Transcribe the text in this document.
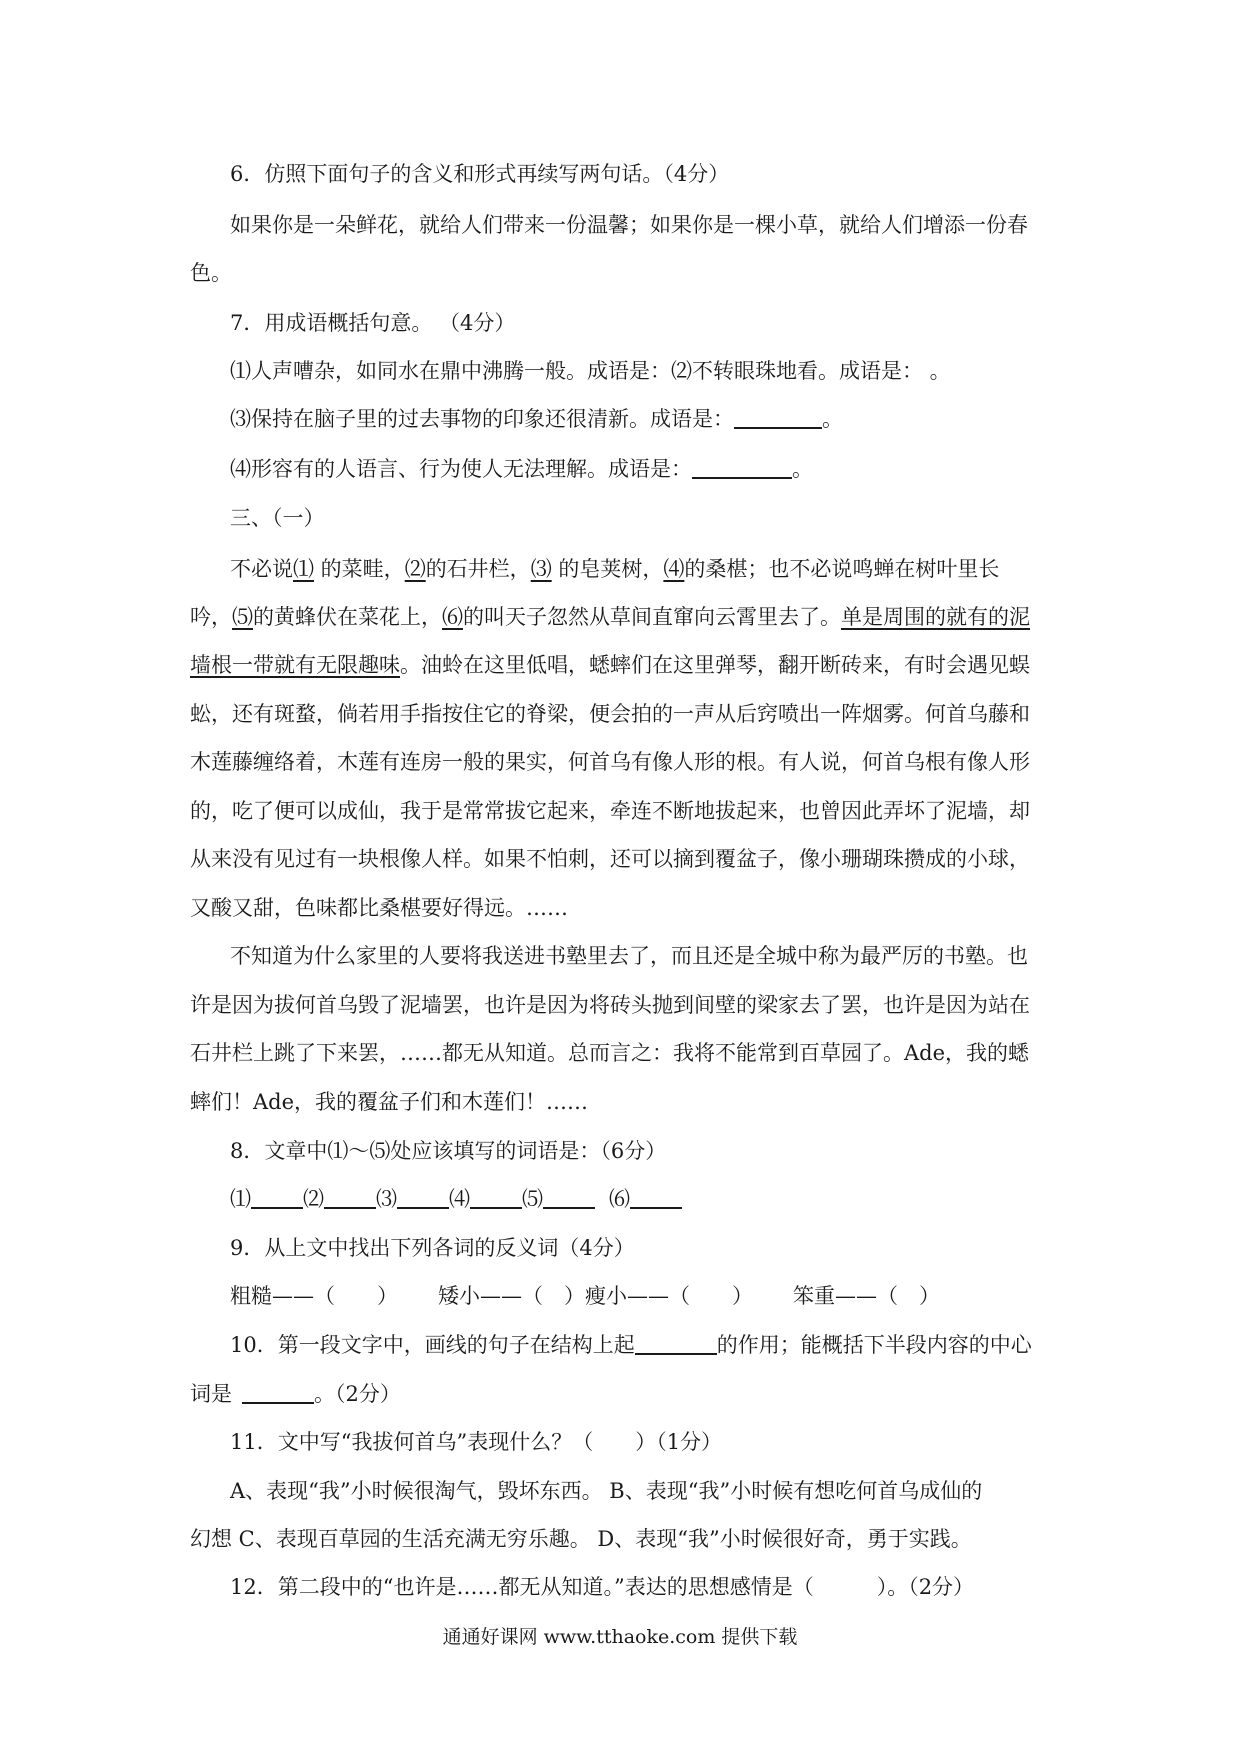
6．仿照下面句子的含义和形式再续写两句话。（4分）
如果你是一朵鲜花，就给人们带来一份温馨；如果你是一棵小草，就给人们增添一份春
色。
7．用成语概括句意。 （4分）
⑴人声嘈杂，如同水在鼎中沸腾一般。成语是：⑵不转眼珠地看。成语是： 。
⑶保持在脑子里的过去事物的印象还很清新。成语是：	。
⑷形容有的人语言、行为使人无法理解。成语是：	。
三、（一）
不必说⑴ 的菜畦，⑵的石井栏，⑶ 的皂荚树，⑷的桑椹；也不必说鸣蝉在树叶里长
吟，⑸的黄蜂伏在菜花上，⑹的叫天子忽然从草间直窜向云霄里去了。单是周围的就有的泥
墙根一带就有无限趣味。油蛉在这里低唱，蟋蟀们在这里弹琴，翻开断砖来，有时会遇见蜈
蚣，还有斑蝥，倘若用手指按住它的脊梁，便会拍的一声从后窍喷出一阵烟雾。何首乌藤和
木莲藤缠络着，木莲有连房一般的果实，何首乌有像人形的根。有人说，何首乌根有像人形
的，吃了便可以成仙，我于是常常拔它起来，牵连不断地拔起来，也曾因此弄坏了泥墙，却
从来没有见过有一块根像人样。如果不怕刺，还可以摘到覆盆子，像小珊瑚珠攒成的小球，
又酸又甜，色味都比桑椹要好得远。……
不知道为什么家里的人要将我送进书塾里去了，而且还是全城中称为最严厉的书塾。也
许是因为拔何首乌毁了泥墙罢，也许是因为将砖头抛到间壁的梁家去了罢，也许是因为站在
石井栏上跳了下来罢，……都无从知道。总而言之：我将不能常到百草园了。Ade，我的蟋
蟀们！Ade，我的覆盆子们和木莲们！……
8．文章中⑴～⑸处应该填写的词语是：（6分）
⑴ ⑵ ⑶ ⑷ ⑸	⑹
9．从上文中找出下列各词的反义词（4分）
粗糙——（　　） 矮小——（　）瘦小——（　　） 笨重——（　）
10．第一段文字中，画线的句子在结构上起	的作用；能概括下半段内容的中心
词是	。（2分）
11．文中写“我拔何首乌”表现什么？（　　）（1分）
A、表现“我”小时候很淘气，毁坏东西。 B、表现“我”小时候有想吃何首乌成仙的
幻想 C、表现百草园的生活充满无穷乐趣。 D、表现“我”小时候很好奇，勇于实践。
12．第二段中的“也许是……都无从知道。”表达的思想感情是（　　　）。（2分）
通通好课网 www.tthaoke.com 提供下载
